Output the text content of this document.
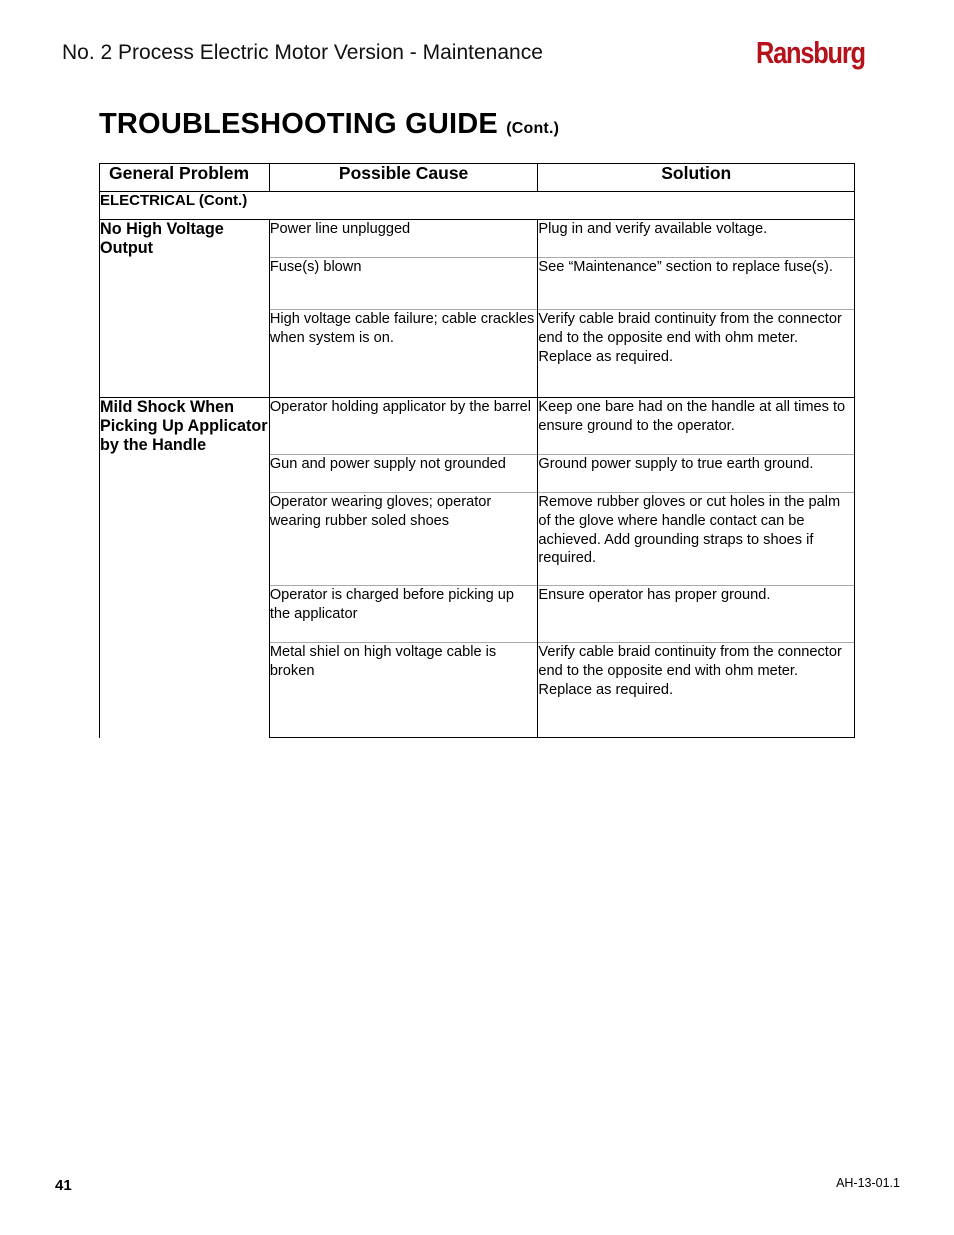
No. 2 Process Electric Motor Version - Maintenance	Ransburg
TROUBLESHOOTING GUIDE (Cont.)
General Problem	Possible Cause	Solution
ELECTRICAL (Cont.)		
No High Voltage Output	Power line unplugged	Plug in and verify available voltage.
	Fuse(s) blown	See “Maintenance” section to replace fuse(s).
	High voltage cable failure; cable crackles when system is on.	Verify cable braid continuity from the connector end to the opposite end with ohm meter. Replace as required.
Mild Shock When Picking Up Applicator by the Handle	Operator holding applicator by the barrel	Keep one bare had on the handle at all times to ensure ground to the operator.
	Gun and power supply not grounded	Ground power supply to true earth ground.
	Operator wearing gloves; operator wearing rubber soled shoes	Remove rubber gloves or cut holes in the palm of the glove where handle contact can be achieved. Add grounding straps to shoes if required.
	Operator is charged before picking up the applicator	Ensure operator has proper ground.
	Metal shiel on high voltage cable is broken	Verify cable braid continuity from the connector end to the opposite end with ohm meter. Replace as required.
41	AH-13-01.1
